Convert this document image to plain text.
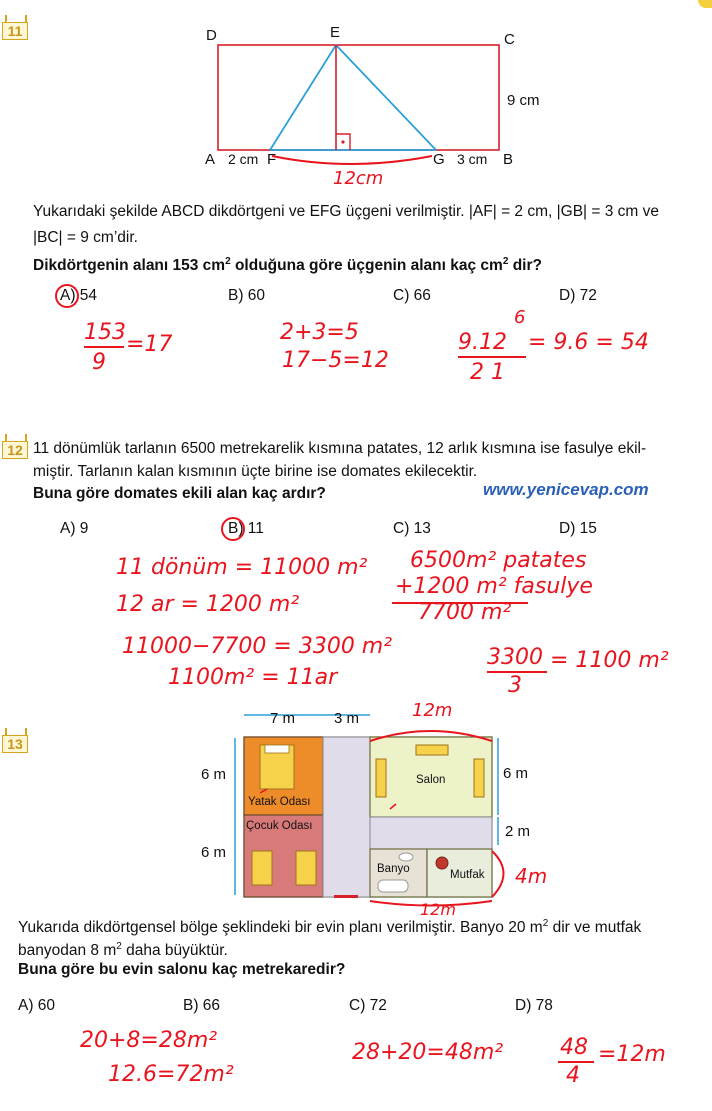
11	D	E	C
A 2 cm F	G 3 cm B
9 cm
12cm
Yukarıdaki şekilde ABCD dikdörtgeni ve EFG üçgeni verilmiştir. |AF| = 2 cm, |GB| = 3 cm ve
|BC| = 9 cm’dir.
Dikdörtgenin alanı 153 $cm^2$ olduğuna göre üçgenin alanı kaç $cm^2$ dir?
A) 54	B) 60	C) 66	D) 72
153
9
=17	2+3=5
17−5=12
6
9.12
2 1
= 9.6 = 54
12 11 dönümlük tarlanın 6500 metrekarelik kısmına patates, 12 arlık kısmına ise fasulye ekil-
miştir. Tarlanın kalan kısmının üçte birine ise domates ekilecektir.
Buna göre domates ekili alan kaç ardır?	www.yenicevap.com
A) 9	B) 11	C) 13	D) 15
11 dönüm = 11000 m²
12 ar = 1200 m²
11000−7700 = 3300 m²
1100m² = 11ar
6500m² patates
+1200 m² fasulye
7700 m²
3300
3
= 1100 m²
13
7 m	3 m
6 m
6 m
6 m
2 m
12m
12m
4m
Yatak Odası
Çocuk Odası
Salon
Banyo	Mutfak
Yukarıda dikdörtgensel bölge şeklindeki bir evin planı verilmiştir. Banyo 20 $m^2$ dir ve mutfak
banyodan 8 $m^2$ daha büyüktür.
Buna göre bu evin salonu kaç metrekaredir?
A) 60	B) 66	C) 72	D) 78
20+8=28m²
12.6=72m²
28+20=48m²	48
4
=12m
